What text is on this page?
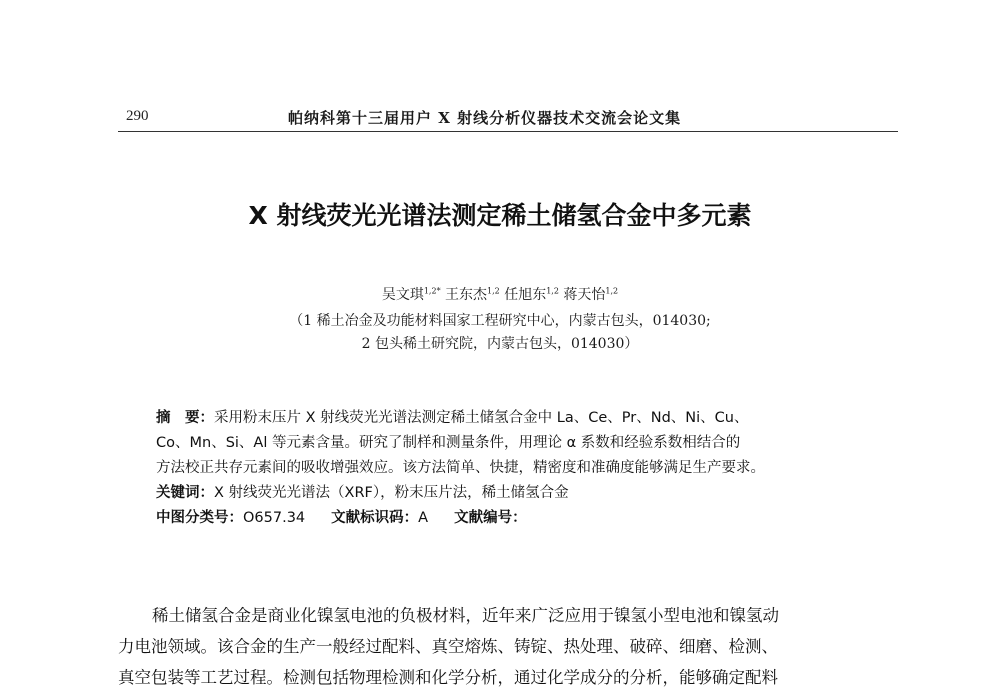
290	帕纳科第十三届用户 X 射线分析仪器技术交流会论文集
X 射线荧光光谱法测定稀土储氢合金中多元素
吴文琪$^{1,2*}$ 王东杰$^{1,2}$ 任旭东$^{1,2}$ 蒋天怡$^{1,2}$
（1 稀土冶金及功能材料国家工程研究中心，内蒙古包头，014030;
2 包头稀土研究院，内蒙古包头，014030）
摘　要：采用粉末压片 X 射线荧光光谱法测定稀土储氢合金中 La、Ce、Pr、Nd、Ni、Cu、
Co、Mn、Si、Al 等元素含量。研究了制样和测量条件，用理论 α 系数和经验系数相结合的
方法校正共存元素间的吸收增强效应。该方法简单、快捷，精密度和准确度能够满足生产要求。
关键词：X 射线荧光光谱法（XRF），粉末压片法，稀土储氢合金
中图分类号：O657.34 文献标识码：A 文献编号：
稀土储氢合金是商业化镍氢电池的负极材料，近年来广泛应用于镍氢小型电池和镍氢动
力电池领域。该合金的生产一般经过配料、真空熔炼、铸锭、热处理、破碎、细磨、检测、
真空包装等工艺过程。检测包括物理检测和化学分析，通过化学成分的分析，能够确定配料
